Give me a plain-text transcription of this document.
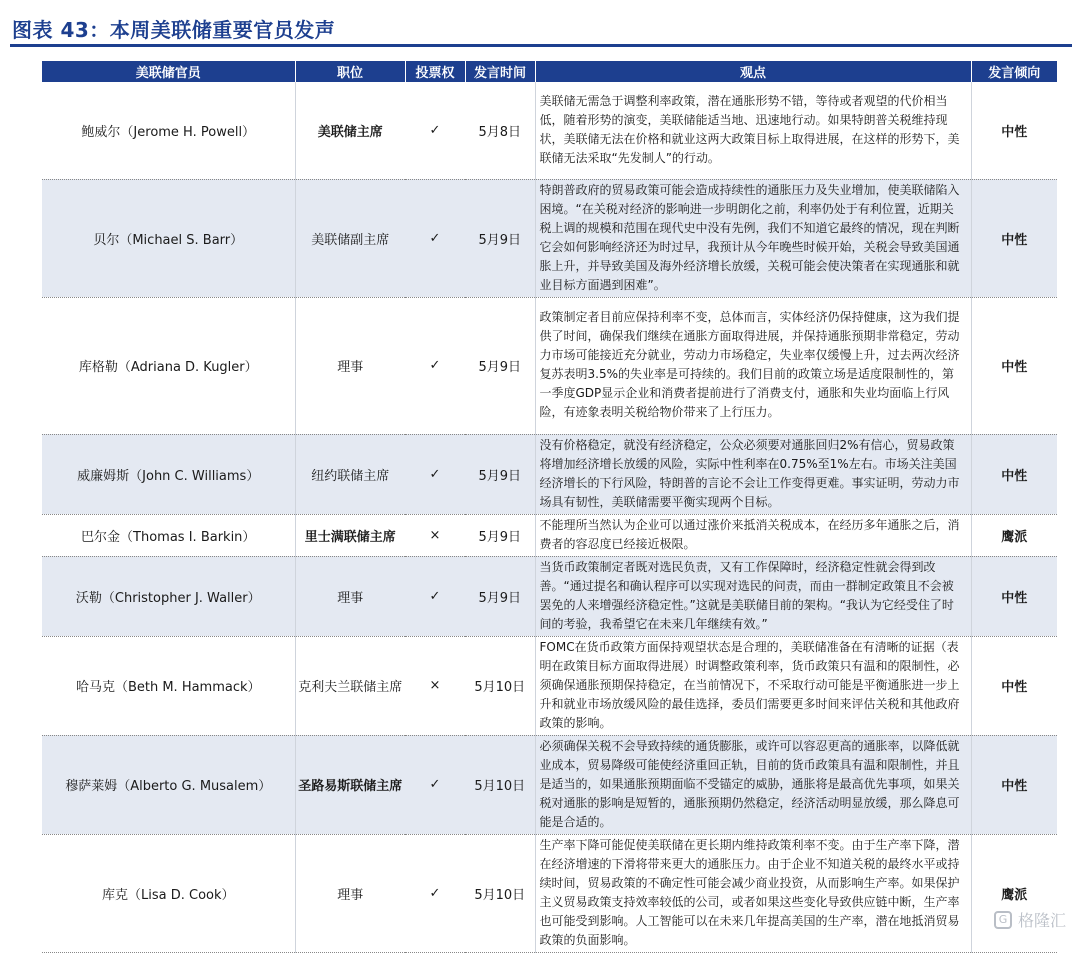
图表 43：本周美联储重要官员发声
美联储官员	职位	投票权	发言时间	观点	发言倾向
鲍威尔（Jerome H. Powell）	美联储主席	✓	5月8日	美联储无需急于调整利率政策，潜在通胀形势不错，等待或者观望的代价相当低，随着形势的演变，美联储能适当地、迅速地行动。如果特朗普关税维持现状，美联储无法在价格和就业这两大政策目标上取得进展，在这样的形势下，美联储无法采取“先发制人”的行动。	中性
贝尔（Michael S. Barr）	美联储副主席	✓	5月9日	特朗普政府的贸易政策可能会造成持续性的通胀压力及失业增加，使美联储陷入困境。“在关税对经济的影响进一步明朗化之前，利率仍处于有利位置，近期关税上调的规模和范围在现代史中没有先例，我们不知道它最终的情况，现在判断它会如何影响经济还为时过早，我预计从今年晚些时候开始，关税会导致美国通胀上升，并导致美国及海外经济增长放缓，关税可能会使决策者在实现通胀和就业目标方面遇到困难”。	中性
库格勒（Adriana D. Kugler）	理事	✓	5月9日	政策制定者目前应保持利率不变，总体而言，实体经济仍保持健康，这为我们提供了时间，确保我们继续在通胀方面取得进展，并保持通胀预期非常稳定，劳动力市场可能接近充分就业，劳动力市场稳定，失业率仅缓慢上升，过去两次经济复苏表明3.5%的失业率是可持续的。我们目前的政策立场是适度限制性的，第一季度GDP显示企业和消费者提前进行了消费支付，通胀和失业均面临上行风险，有迹象表明关税给物价带来了上行压力。	中性
威廉姆斯（John C. Williams）	纽约联储主席	✓	5月9日	没有价格稳定，就没有经济稳定，公众必须要对通胀回归2%有信心，贸易政策将增加经济增长放缓的风险，实际中性利率在0.75%至1%左右。市场关注美国经济增长的下行风险，特朗普的言论不会让工作变得更难。事实证明，劳动力市场具有韧性，美联储需要平衡实现两个目标。	中性
巴尔金（Thomas I. Barkin）	里士满联储主席	×	5月9日	不能理所当然认为企业可以通过涨价来抵消关税成本，在经历多年通胀之后，消费者的容忍度已经接近极限。	鹰派
沃勒（Christopher J. Waller）	理事	✓	5月9日	当货币政策制定者既对选民负责，又有工作保障时，经济稳定性就会得到改善。“通过提名和确认程序可以实现对选民的问责，而由一群制定政策且不会被罢免的人来增强经济稳定性。”这就是美联储目前的架构。“我认为它经受住了时间的考验，我希望它在未来几年继续有效。”	中性
哈马克（Beth M. Hammack）	克利夫兰联储主席	×	5月10日	FOMC在货币政策方面保持观望状态是合理的，美联储准备在有清晰的证据（表明在政策目标方面取得进展）时调整政策利率，货币政策只有温和的限制性，必须确保通胀预期保持稳定，在当前情况下，不采取行动可能是平衡通胀进一步上升和就业市场放缓风险的最佳选择，委员们需要更多时间来评估关税和其他政府政策的影响。	中性
穆萨莱姆（Alberto G. Musalem）	圣路易斯联储主席	✓	5月10日	必须确保关税不会导致持续的通货膨胀，或许可以容忍更高的通胀率，以降低就业成本，贸易降级可能使经济重回正轨，目前的货币政策具有温和限制性，并且是适当的，如果通胀预期面临不受锚定的威胁，通胀将是最高优先事项，如果关税对通胀的影响是短暂的，通胀预期仍然稳定，经济活动明显放缓，那么降息可能是合适的。	中性
库克（Lisa D. Cook）	理事	✓	5月10日	生产率下降可能促使美联储在更长期内维持政策利率不变。由于生产率下降，潜在经济增速的下滑将带来更大的通胀压力。由于企业不知道关税的最终水平或持续时间，贸易政策的不确定性可能会减少商业投资，从而影响生产率。如果保护主义贸易政策支持效率较低的公司，或者如果这些变化导致供应链中断，生产率也可能受到影响。人工智能可以在未来几年提高美国的生产率，潜在地抵消贸易政策的负面影响。	鹰派
G 格隆汇
